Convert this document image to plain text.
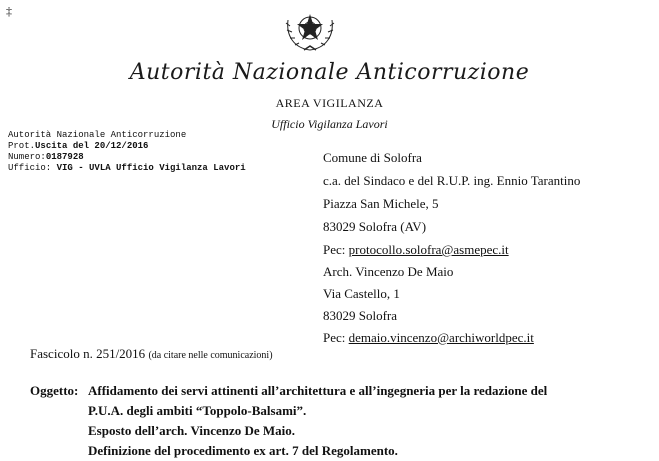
‡
Autorità Nazionale Anticorruzione
AREA VIGILANZA
Ufficio Vigilanza Lavori
Autorità Nazionale Anticorruzione
Prot.Uscita del 20/12/2016
Numero:0187928
Ufficio: VIG - UVLA Ufficio Vigilanza Lavori
Comune di Solofra
c.a. del Sindaco e del R.U.P. ing. Ennio Tarantino
Piazza San Michele, 5
83029 Solofra (AV)
Pec: protocollo.solofra@asmepec.it
Arch. Vincenzo De Maio
Via Castello, 1
83029 Solofra
Pec: demaio.vincenzo@archiworldpec.it
Fascicolo n. 251/2016 (da citare nelle comunicazioni)
Oggetto: Affidamento dei servi attinenti all’architettura e all’ingegneria per la redazione del
P.U.A. degli ambiti “Toppolo-Balsami”.
Esposto dell’arch. Vincenzo De Maio.
Definizione del procedimento ex art. 7 del Regolamento.
